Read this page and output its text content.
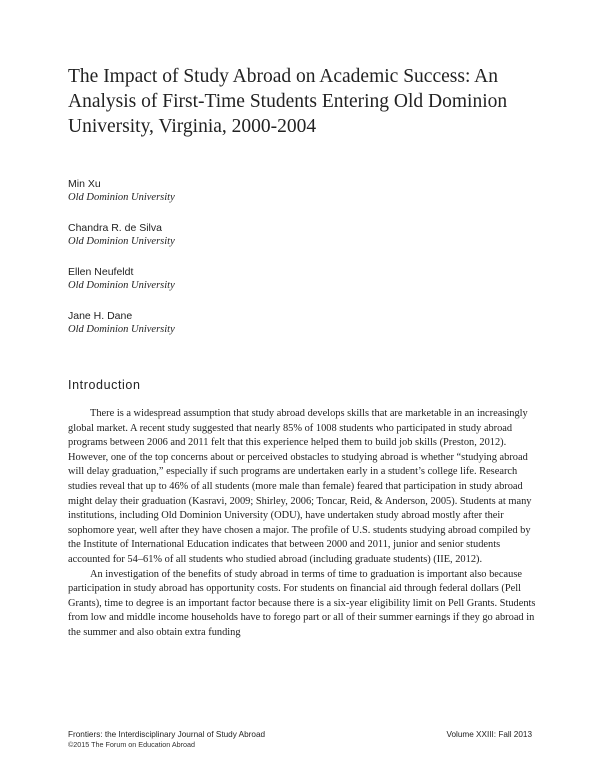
The Impact of Study Abroad on Academic Success: An Analysis of First-Time Students Entering Old Dominion University, Virginia, 2000-2004
Min Xu
Old Dominion University
Chandra R. de Silva
Old Dominion University
Ellen Neufeldt
Old Dominion University
Jane H. Dane
Old Dominion University
Introduction

There is a widespread assumption that study abroad develops skills that are marketable in an increasingly global market. A recent study suggested that nearly 85% of 1008 students who participated in study abroad programs between 2006 and 2011 felt that this experience helped them to build job skills (Preston, 2012). However, one of the top concerns about or perceived obstacles to studying abroad is whether “studying abroad will delay graduation,” especially if such programs are undertaken early in a student’s college life. Research studies reveal that up to 46% of all students (more male than female) feared that participation in study abroad might delay their graduation (Kasravi, 2009; Shirley, 2006; Toncar, Reid, & Anderson, 2005). Students at many institutions, including Old Dominion University (ODU), have undertaken study abroad mostly after their sophomore year, well after they have chosen a major. The profile of U.S. students studying abroad compiled by the Institute of International Education indicates that between 2000 and 2011, junior and senior students accounted for 54–61% of all students who studied abroad (including graduate students) (IIE, 2012).

An investigation of the benefits of study abroad in terms of time to graduation is important also because participation in study abroad has opportunity costs. For students on financial aid through federal dollars (Pell Grants), time to degree is an important factor because there is a six-year eligibility limit on Pell Grants. Students from low and middle income households have to forego part or all of their summer earnings if they go abroad in the summer and also obtain extra funding

Frontiers: the Interdisciplinary Journal of Study Abroad	Volume XXIII: Fall 2013
©2015 The Forum on Education Abroad
